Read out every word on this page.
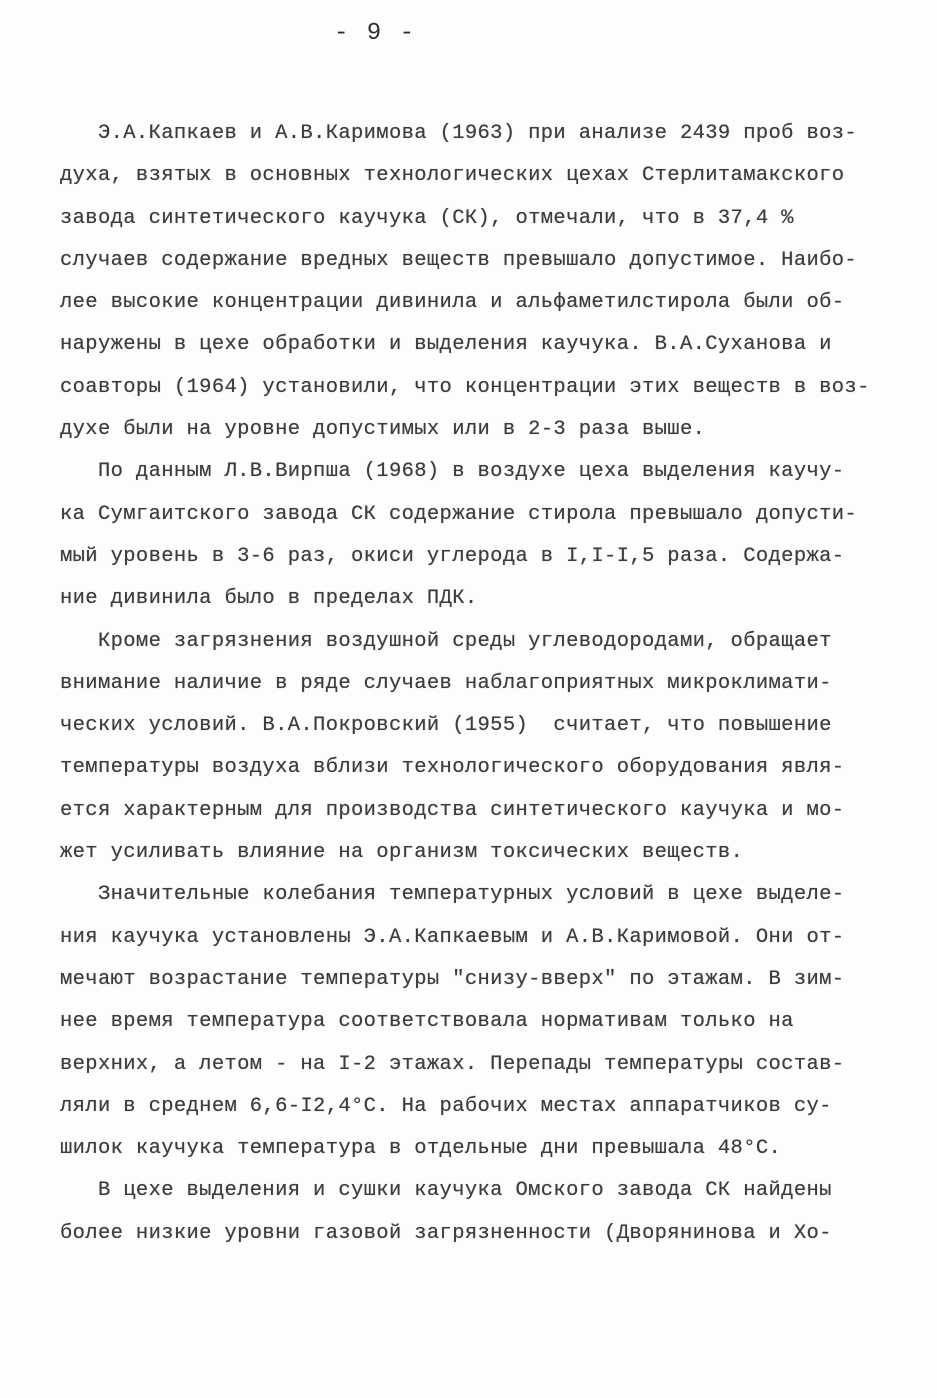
- 9 -
Э.А.Капкаев и А.В.Каримова (1963) при анализе 2439 проб воз-
духа, взятых в основных технологических цехах Стерлитамакского
завода синтетического каучука (СК), отмечали, что в 37,4 %
случаев содержание вредных веществ превышало допустимое. Наибо-
лее высокие концентрации дивинила и альфаметилстирола были об-
наружены в цехе обработки и выделения каучука. В.А.Суханова и
соавторы (1964) установили, что концентрации этих веществ в воз-
духе были на уровне допустимых или в 2-3 раза выше.
По данным Л.В.Вирпша (1968) в воздухе цеха выделения каучу-
ка Сумгаитского завода СК содержание стирола превышало допусти-
мый уровень в 3-6 раз, окиси углерода в I,I-I,5 раза. Содержа-
ние дивинила было в пределах ПДК.
Кроме загрязнения воздушной среды углеводородами, обращает
внимание наличие в ряде случаев наблагоприятных микроклимати-
ческих условий. В.А.Покровский (1955)  считает, что повышение
температуры воздуха вблизи технологического оборудования явля-
ется характерным для производства синтетического каучука и мо-
жет усиливать влияние на организм токсических веществ.
Значительные колебания температурных условий в цехе выделе-
ния каучука установлены Э.А.Капкаевым и А.В.Каримовой. Они от-
мечают возрастание температуры "снизу-вверх" по этажам. В зим-
нее время температура соответствовала нормативам только на
верхних, а летом - на I-2 этажах. Перепады температуры состав-
ляли в среднем 6,6-I2,4°С. На рабочих местах аппаратчиков су-
шилок каучука температура в отдельные дни превышала 48°С.
В цехе выделения и сушки каучука Омского завода СК найдены
более низкие уровни газовой загрязненности (Дворянинова и Хо-
